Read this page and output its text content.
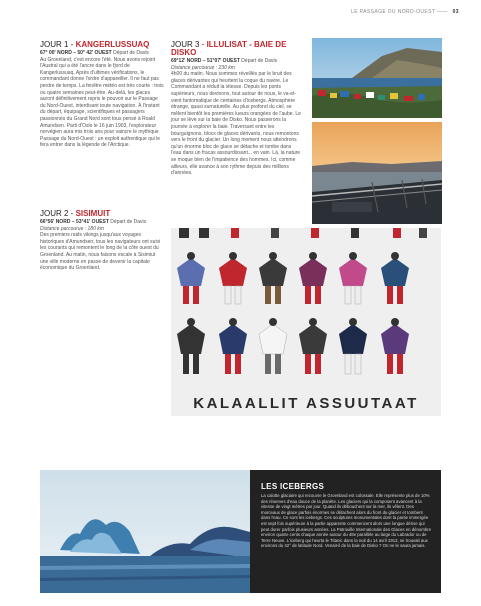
LE PASSAGE DU NORD-OUEST —— 03
JOUR 1 - KANGERLUSSUAQ
67° 00' NORD – 50° 42' OUEST Départ de Davis

Au Groenland, c'est encore l'été. Nous avons rejoint l'Austral qui a été l'ancre dans le fjord de Kangerlussuaq. Après d'ultimes vérifications, le commandant donne l'ordre d'appareiller. Il ne faut pas perdre de temps. La fenêtre météo est très courte : trois ou quatre semaines peut-être. Au-delà, les glaces auront définitivement repris le pouvoir sur le Passage du Nord-Ouest, interdisant toute navigation. À l'instant du départ, équipage, scientifiques et passagers passionnés du Grand Nord sont tous pensé à Roald Amundsen. Parti d'Oslo le 16 juin 1903, l'explorateur norvégien aura mis trois ans pour vaincre le mythique Passage du Nord-Ouest : un exploit authentique qui le fera entrer dans la légende de l'Arctique.

JOUR 2 - SISIMUIT
66°56' NORD – 53°41' OUEST Départ de Davis
Distance parcourue : 180 km

Des premiers raids vikings jusqu'aux voyages historiques d'Amundsen, tous les navigateurs ont suivi les courants qui remontent le long de la côte ouest du Groenland. Au matin, nous faisons escale à Sisimiut une ville moderne en passe de devenir la capitale économique du Groenland.

JOUR 3 - ILLULISAT - BAIE DE DISKO
69°12' NORD – 51°07' OUEST Départ de Davis
Distance parcourue : 230 km

4h00 du matin. Nous sommes réveillés par le bruit des glaces dérivantes qui heurtent la coque du navire. Le Commandant a réduit la vitesse. Depuis les ponts supérieurs, nous devinons, tout autour de nous, le va-et-vient fantomatique de centaines d'icebergs. Atmosphère étrange, quasi surnaturelle. Au plus profond du ciel, se mêlent bientôt les premières lueurs orangées de l'aube. Le jour se lève sur la baie de Disko. Nous passerons la journée à explorer la baie. Traversant entre les bourguignons, blocs de glaces dérivants, nous remontons vers le front du glacier. Un long moment nous attendrons qu'un énorme bloc de glace se détache et tombe dans l'eau dans un fracas assourdissant... en vain. Là, la nature se moque bien de l'impatience des hommes. Ici, comme ailleurs, elle avance à son rythme depuis des millions d'années.

KALAALLIT ASSUUTAAT
LES ICEBERGS

La calotte glaciaire qui recouvre le Groenland est colossale. Elle représente plus de 10% des réserves d'eau douce de la planète. Les glaciers qui la composent avancent à la vitesse de vingt mètres par jour. Quand ils débouchent sur la mer, ils vêlent. Des morceaux de glace parfois énormes se détachent alors du front du glacier et tombent dans l'eau. Ce sont les icebergs. Ces sculptures monumentales dont la partie immergée est sept fois supérieure à la partie apparente commencent alors une longue dérive qui peut durer parfois plusieurs années. La Patrouille Internationale des Glaces en dénombre environ quatre cents chaque année autour du 48e parallèle au large du Labrador ou de Terre Neuve. L'iceberg qui heurta le Titanic dans la nuit du 14 avril 1912, se trouvait aux environs du 42° de latitude Nord. Venait-il de la baie de Disko ? On ne le saura jamais.
